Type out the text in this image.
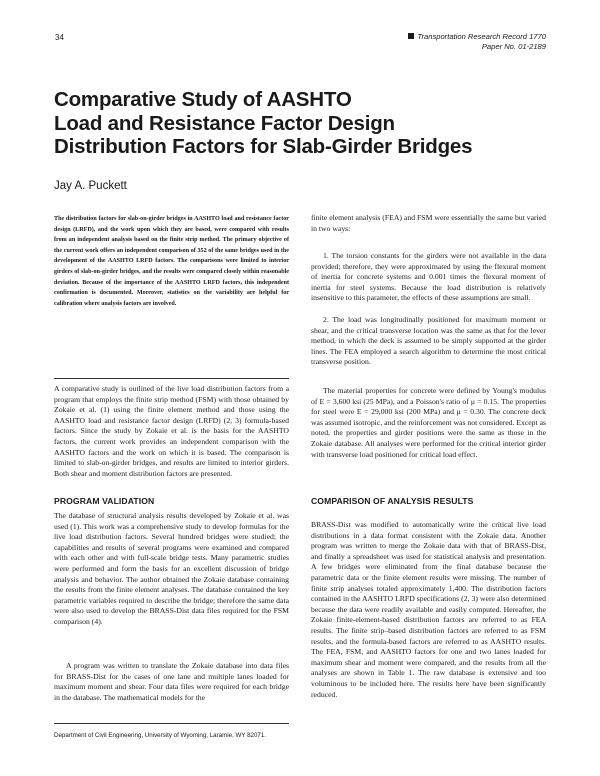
34	Transportation Research Record 1770
Paper No. 01-2189
Comparative Study of AASHTO
Load and Resistance Factor Design
Distribution Factors for Slab-Girder Bridges
Jay A. Puckett

The distribution factors for slab-on-girder bridges in AASHTO load and resistance factor design (LRFD), and the work upon which they are based, were compared with results from an independent analysis based on the finite strip method. The primary objective of the current work offers an independent comparison of 352 of the same bridges used in the development of the AASHTO LRFD factors. The comparisons were limited to interior girders of slab-on-girder bridges, and the results were compared closely within reasonable deviation. Because of the importance of the AASHTO LRFD factors, this independent confirmation is documented. Moreover, statistics on the variability are helpful for calibration where analysis factors are involved.

A comparative study is outlined of the live load distribution factors from a program that employs the finite strip method (FSM) with those obtained by Zokaie et al. (1) using the finite element method and those using the AASHTO load and resistance factor design (LRFD) (2, 3) formula-based factors. Since the study by Zokaie et al. is the basis for the AASHTO factors, the current work provides an independent comparison with the AASHTO factors and the work on which it is based. The comparison is limited to slab-on-girder bridges, and results are limited to interior girders. Both shear and moment distribution factors are presented.

PROGRAM VALIDATION

The database of structural analysis results developed by Zokaie et al. was used (1). This work was a comprehensive study to develop formulas for the live load distribution factors. Several hundred bridges were studied; the capabilities and results of several programs were examined and compared with each other and with full-scale bridge tests. Many parametric studies were performed and form the basis for an excellent discussion of bridge analysis and behavior. The author obtained the Zokaie database containing the results from the finite element analyses. The database contained the key parametric variables required to describe the bridge; therefore the same data were also used to develop the BRASS-Dist data files required for the FSM comparison (4).

A program was written to translate the Zokaie database into data files for BRASS-Dist for the cases of one lane and multiple lanes loaded for maximum moment and shear. Four data files were required for each bridge in the database. The mathematical models for the

Department of Civil Engineering, University of Wyoming, Laramie, WY 82071.

finite element analysis (FEA) and FSM were essentially the same but varied in two ways:

1. The torsion constants for the girders were not available in the data provided; therefore, they were approximated by using the flexural moment of inertia for concrete systems and 0.001 times the flexural moment of inertia for steel systems. Because the load distribution is relatively insensitive to this parameter, the effects of these assumptions are small.

2. The load was longitudinally positioned for maximum moment or shear, and the critical transverse location was the same as that for the lever method, in which the deck is assumed to be simply supported at the girder lines. The FEA employed a search algorithm to determine the most critical transverse position.

The material properties for concrete were defined by Young's modulus of E = 3,600 ksi (25 MPa), and a Poisson's ratio of μ = 0.15. The properties for steel were E = 29,000 ksi (200 MPa) and μ = 0.30. The concrete deck was assumed isotropic, and the reinforcement was not considered. Except as noted, the properties and girder positions were the same as those in the Zokaie database. All analyses were performed for the critical interior girder with transverse load positioned for critical load effect.

COMPARISON OF ANALYSIS RESULTS

BRASS-Dist was modified to automatically write the critical live load distributions in a data format consistent with the Zokaie data. Another program was written to merge the Zokaie data with that of BRASS-Dist, and finally a spreadsheet was used for statistical analysis and presentation. A few bridges were eliminated from the final database because the parametric data or the finite element results were missing. The number of finite strip analyses totaled approximately 1,400. The distribution factors contained in the AASHTO LRFD specifications (2, 3) were also determined because the data were readily available and easily computed. Hereafter, the Zokaie finite-element-based distribution factors are referred to as FEA results. The finite strip–based distribution factors are referred to as FSM results, and the formula-based factors are referred to as AASHTO results. The FEA, FSM, and AASHTO factors for one and two lanes loaded for maximum shear and moment were compared, and the results from all the analyses are shown in Table 1. The raw database is extensive and too voluminous to be included here. The results here have been significantly reduced.
